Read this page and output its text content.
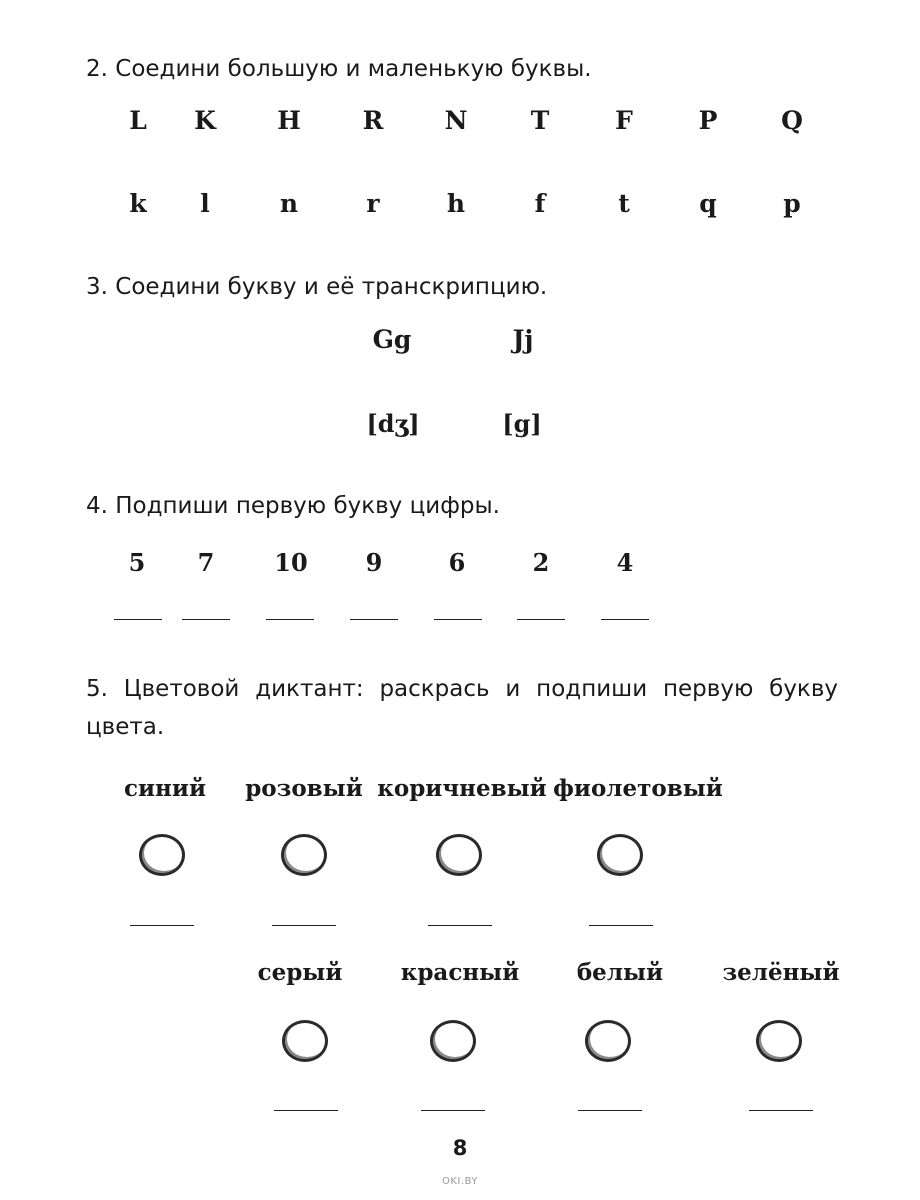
2. Соедини большую и маленькую буквы.
L K H R N	T	F	P	Q
k l	n	r	h	f	t	q	p
3. Соедини букву и её транскрипцию.
Gg	Jj
[dʒ]	[g]
4. Подпиши первую букву цифры.
5 7 10 9	6	2	4
5. Цветовой диктант: раскрась и подпиши первую букву цвета.
синий розовый коричневый фиолетовый
серый	красный	белый	зелёный
8
OKI.BY
